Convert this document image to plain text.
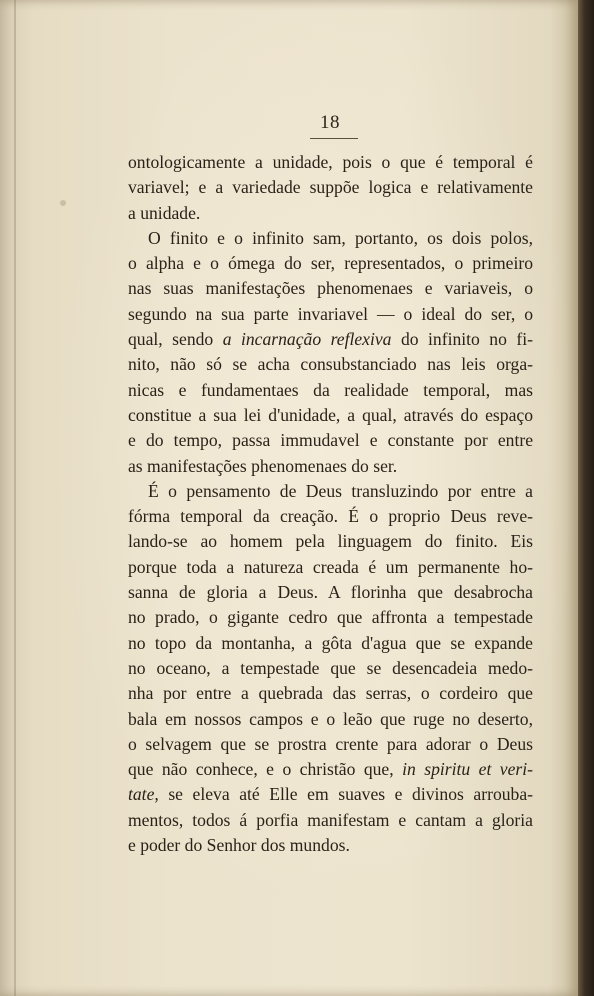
18
ontologicamente a unidade, pois o que é temporal é
variavel; e a variedade suppõe logica e relativamente
a unidade.
O finito e o infinito sam, portanto, os dois polos,
o alpha e o ómega do ser, representados, o primeiro
nas suas manifestações phenomenaes e variaveis, o
segundo na sua parte invariavel — o ideal do ser, o
qual, sendo a incarnação reflexiva do infinito no fi-
nito, não só se acha consubstanciado nas leis orga-
nicas e fundamentaes da realidade temporal, mas
constitue a sua lei d'unidade, a qual, através do espaço
e do tempo, passa immudavel e constante por entre
as manifestações phenomenaes do ser.
É o pensamento de Deus transluzindo por entre a
fórma temporal da creação. É o proprio Deus reve-
lando-se ao homem pela linguagem do finito. Eis
porque toda a natureza creada é um permanente ho-
sanna de gloria a Deus. A florinha que desabrocha
no prado, o gigante cedro que affronta a tempestade
no topo da montanha, a gôta d'agua que se expande
no oceano, a tempestade que se desencadeia medo-
nha por entre a quebrada das serras, o cordeiro que
bala em nossos campos e o leão que ruge no deserto,
o selvagem que se prostra crente para adorar o Deus
que não conhece, e o christão que, in spiritu et veri-
tate, se eleva até Elle em suaves e divinos arrouba-
mentos, todos á porfia manifestam e cantam a gloria
e poder do Senhor dos mundos.
